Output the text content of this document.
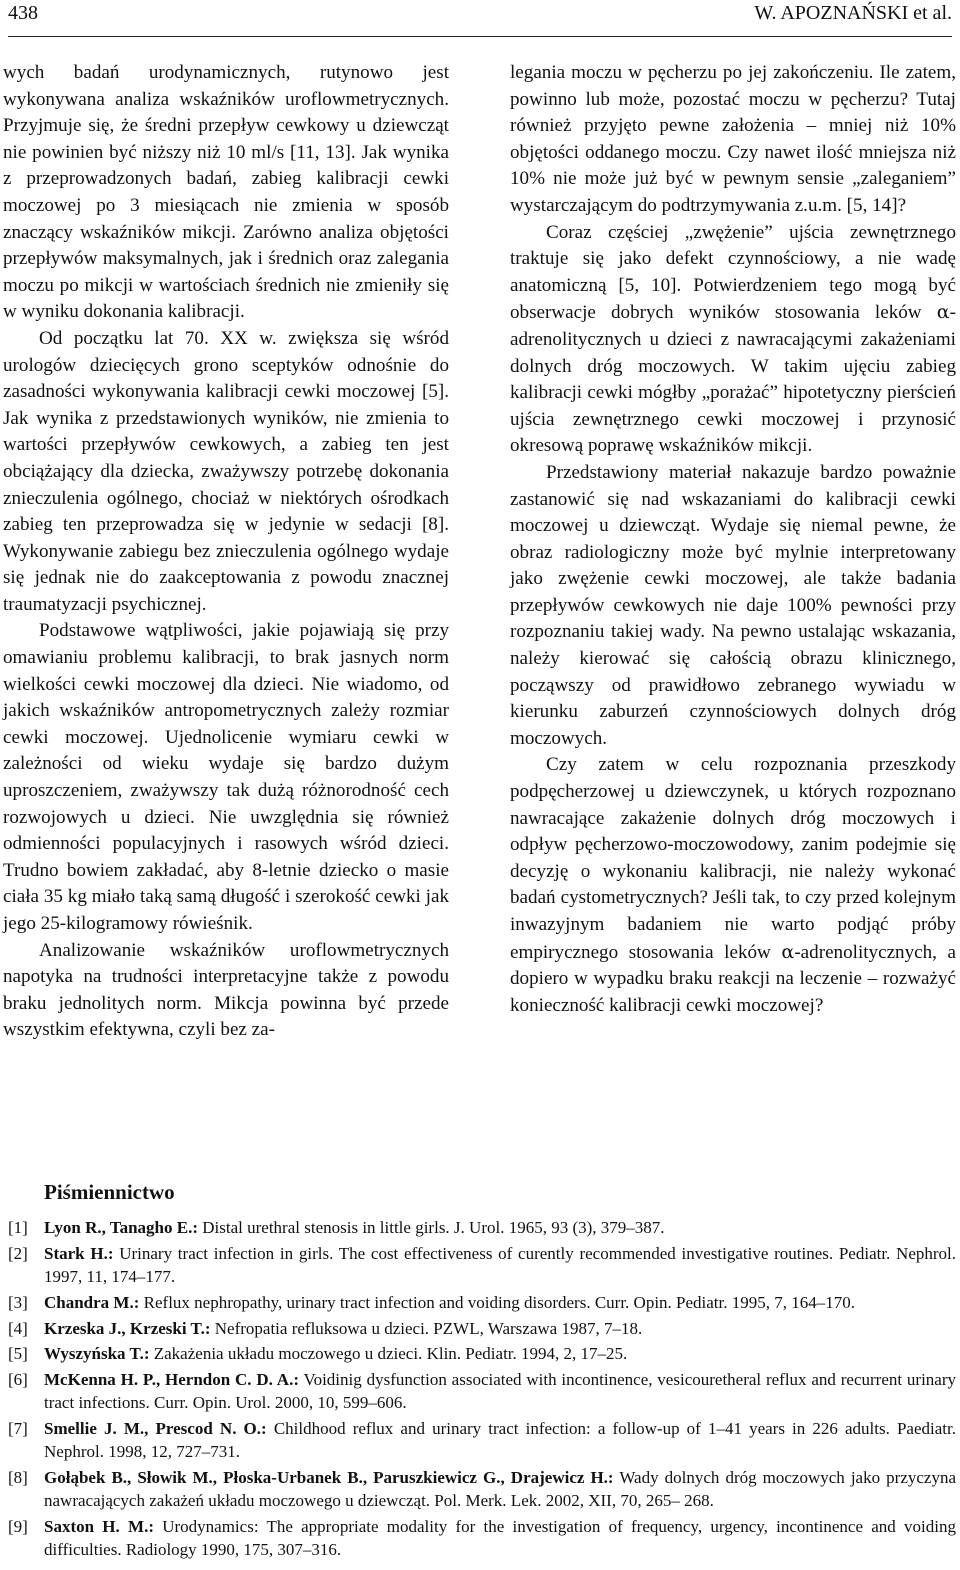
438	W. APOZNAŃSKI et al.

wych badań urodynamicznych, rutynowo jest wykonywana analiza wskaźników uroflowmetrycznych. Przyjmuje się, że średni przepływ cewkowy u dziewcząt nie powinien być niższy niż 10 ml/s [11, 13]. Jak wynika z przeprowadzonych badań, zabieg kalibracji cewki moczowej po 3 miesiącach nie zmienia w sposób znaczący wskaźników mikcji. Zarówno analiza objętości przepływów maksymalnych, jak i średnich oraz zalegania moczu po mikcji w wartościach średnich nie zmieniły się w wyniku dokonania kalibracji.

Od początku lat 70. XX w. zwiększa się wśród urologów dziecięcych grono sceptyków odnośnie do zasadności wykonywania kalibracji cewki moczowej [5]. Jak wynika z przedstawionych wyników, nie zmienia to wartości przepływów cewkowych, a zabieg ten jest obciążający dla dziecka, zważywszy potrzebę dokonania znieczulenia ogólnego, chociaż w niektórych ośrodkach zabieg ten przeprowadza się w jedynie w sedacji [8]. Wykonywanie zabiegu bez znieczulenia ogólnego wydaje się jednak nie do zaakceptowania z powodu znacznej traumatyzacji psychicznej.

Podstawowe wątpliwości, jakie pojawiają się przy omawianiu problemu kalibracji, to brak jasnych norm wielkości cewki moczowej dla dzieci. Nie wiadomo, od jakich wskaźników antropometrycznych zależy rozmiar cewki moczowej. Ujednolicenie wymiaru cewki w zależności od wieku wydaje się bardzo dużym uproszczeniem, zważywszy tak dużą różnorodność cech rozwojowych u dzieci. Nie uwzględnia się również odmienności populacyjnych i rasowych wśród dzieci. Trudno bowiem zakładać, aby 8-letnie dziecko o masie ciała 35 kg miało taką samą długość i szerokość cewki jak jego 25-kilogramowy rówieśnik.

Analizowanie wskaźników uroflowmetrycznych napotyka na trudności interpretacyjne także z powodu braku jednolitych norm. Mikcja powinna być przede wszystkim efektywna, czyli bez za-

legania moczu w pęcherzu po jej zakończeniu. Ile zatem, powinno lub może, pozostać moczu w pęcherzu? Tutaj również przyjęto pewne założenia – mniej niż 10% objętości oddanego moczu. Czy nawet ilość mniejsza niż 10% nie może już być w pewnym sensie „zaleganiem” wystarczającym do podtrzymywania z.u.m. [5, 14]?

Coraz częściej „zwężenie” ujścia zewnętrznego traktuje się jako defekt czynnościowy, a nie wadę anatomiczną [5, 10]. Potwierdzeniem tego mogą być obserwacje dobrych wyników stosowania leków α-adrenolitycznych u dzieci z nawracającymi zakażeniami dolnych dróg moczowych. W takim ujęciu zabieg kalibracji cewki mógłby „porażać” hipotetyczny pierścień ujścia zewnętrznego cewki moczowej i przynosić okresową poprawę wskaźników mikcji.

Przedstawiony materiał nakazuje bardzo poważnie zastanowić się nad wskazaniami do kalibracji cewki moczowej u dziewcząt. Wydaje się niemal pewne, że obraz radiologiczny może być mylnie interpretowany jako zwężenie cewki moczowej, ale także badania przepływów cewkowych nie daje 100% pewności przy rozpoznaniu takiej wady. Na pewno ustalając wskazania, należy kierować się całością obrazu klinicznego, począwszy od prawidłowo zebranego wywiadu w kierunku zaburzeń czynnościowych dolnych dróg moczowych.

Czy zatem w celu rozpoznania przeszkody podpęcherzowej u dziewczynek, u których rozpoznano nawracające zakażenie dolnych dróg moczowych i odpływ pęcherzowo-moczowodowy, zanim podejmie się decyzję o wykonaniu kalibracji, nie należy wykonać badań cystometrycznych? Jeśli tak, to czy przed kolejnym inwazyjnym badaniem nie warto podjąć próby empirycznego stosowania leków α-adrenolitycznych, a dopiero w wypadku braku reakcji na leczenie – rozważyć konieczność kalibracji cewki moczowej?

Piśmiennictwo
[1] Lyon R., Tanagho E.: Distal urethral stenosis in little girls. J. Urol. 1965, 93 (3), 379–387.
[2] Stark H.: Urinary tract infection in girls. The cost effectiveness of curently recommended investigative routines. Pediatr. Nephrol. 1997, 11, 174–177.
[3] Chandra M.: Reflux nephropathy, urinary tract infection and voiding disorders. Curr. Opin. Pediatr. 1995, 7, 164–170.
[4] Krzeska J., Krzeski T.: Nefropatia refluksowa u dzieci. PZWL, Warszawa 1987, 7–18.
[5] Wyszyńska T.: Zakażenia układu moczowego u dzieci. Klin. Pediatr. 1994, 2, 17–25.
[6] McKenna H. P., Herndon C. D. A.: Voidinig dysfunction associated with incontinence, vesicouretheral reflux and recurrent urinary tract infections. Curr. Opin. Urol. 2000, 10, 599–606.
[7] Smellie J. M., Prescod N. O.: Childhood reflux and urinary tract infection: a follow-up of 1–41 years in 226 adults. Paediatr. Nephrol. 1998, 12, 727–731.
[8] Gołąbek B., Słowik M., Płoska-Urbanek B., Paruszkiewicz G., Drajewicz H.: Wady dolnych dróg moczowych jako przyczyna nawracających zakażeń układu moczowego u dziewcząt. Pol. Merk. Lek. 2002, XII, 70, 265– 268.
[9] Saxton H. M.: Urodynamics: The appropriate modality for the investigation of frequency, urgency, incontinence and voiding difficulties. Radiology 1990, 175, 307–316.
